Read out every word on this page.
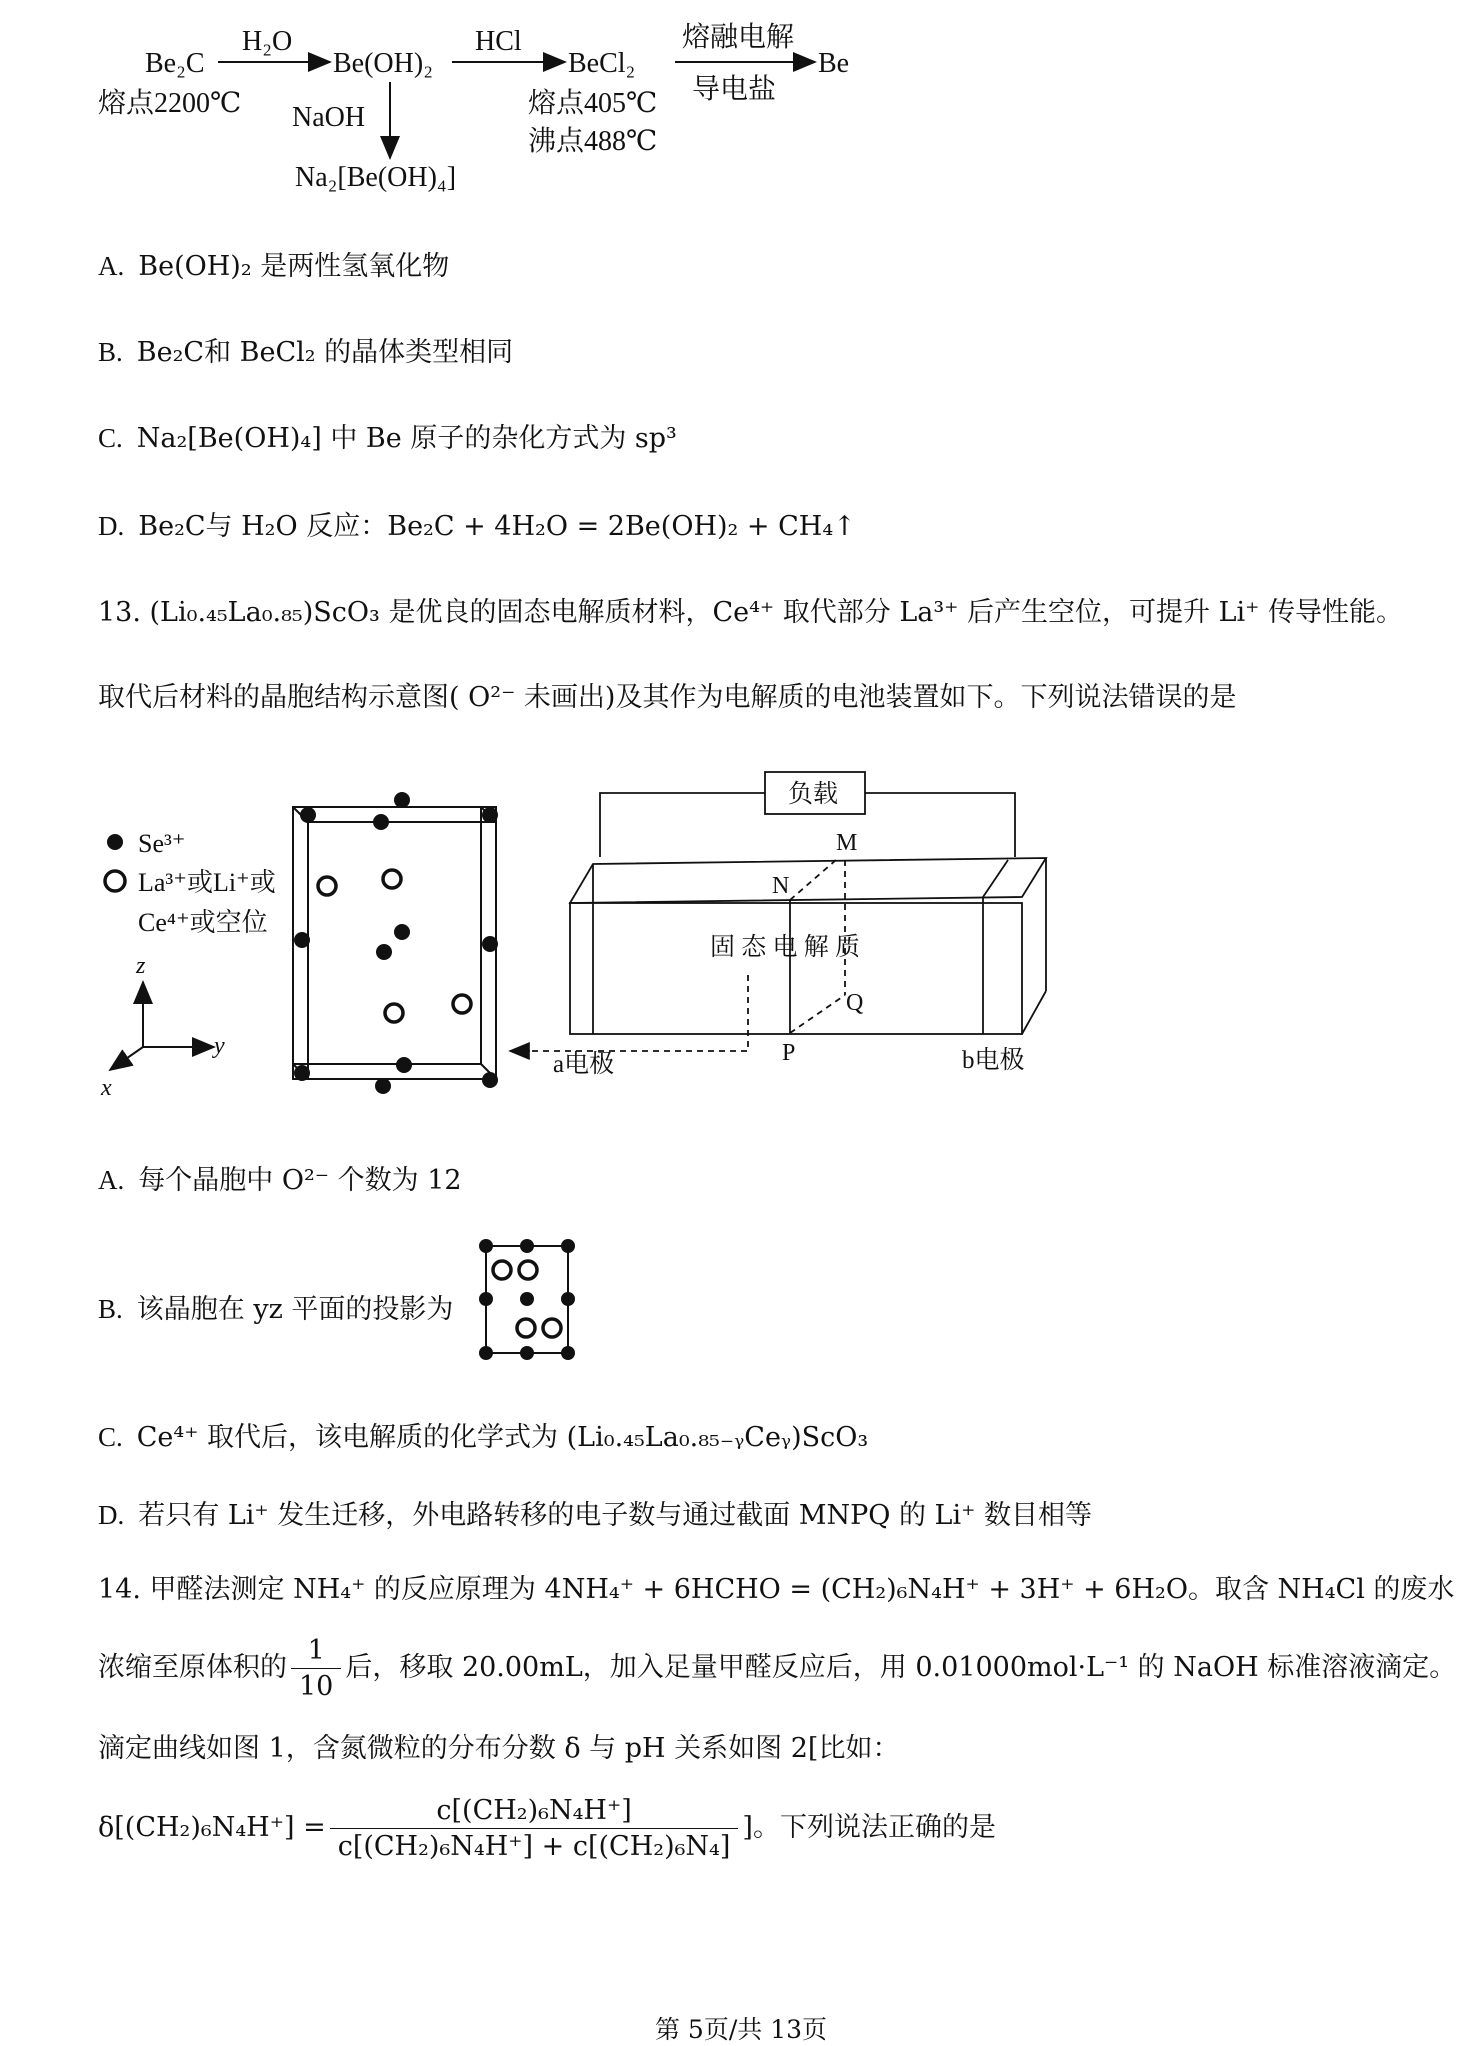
Be₂C
熔点2200℃
H₂O
Be(OH)₂
HCl
BeCl₂
熔点405℃
沸点488℃
熔融电解
导电盐
Be
NaOH
Na₂[Be(OH)₄]
A. Be(OH)₂ 是两性氢氧化物
B. Be₂C和 BeCl₂ 的晶体类型相同
C. Na₂[Be(OH)₄] 中 Be 原子的杂化方式为 sp³
D. Be₂C与 H₂O 反应：Be₂C + 4H₂O = 2Be(OH)₂ + CH₄↑
13. (Li₀.₄₅La₀.₈₅)ScO₃ 是优良的固态电解质材料，Ce⁴⁺ 取代部分 La³⁺ 后产生空位，可提升 Li⁺ 传导性能。
取代后材料的晶胞结构示意图( O²⁻ 未画出)及其作为电解质的电池装置如下。下列说法错误的是
Se³⁺
La³⁺或Li⁺或
Ce⁴⁺或空位
z
y
x
负载
M
N
固 态 电 解 质
Q
P
a电极	b电极
A. 每个晶胞中 O²⁻ 个数为 12
B. 该晶胞在 yz 平面的投影为
C. Ce⁴⁺ 取代后，该电解质的化学式为 (Li₀.₄₅La₀.₈₅₋ᵧCeᵧ)ScO₃
D. 若只有 Li⁺ 发生迁移，外电路转移的电子数与通过截面 MNPQ 的 Li⁺ 数目相等
14. 甲醛法测定 NH₄⁺ 的反应原理为 4NH₄⁺ + 6HCHO = (CH₂)₆N₄H⁺ + 3H⁺ + 6H₂O。取含 NH₄Cl 的废水
浓缩至原体积的 $\frac{1}{10}$ 后，移取 20.00mL，加入足量甲醛反应后，用 0.01000mol·L⁻¹ 的 NaOH 标准溶液滴定。
滴定曲线如图 1，含氮微粒的分布分数 δ 与 pH 关系如图 2[比如：
$\delta[(CH_2)_6N_4H^+] = \frac{\text{c[(CH₂)₆N₄H⁺]}}{\text{c[(CH₂)₆N₄H⁺] + c[(CH₂)₆N₄]}}$ ]。下列说法正确的是
第 5页/共 13页
